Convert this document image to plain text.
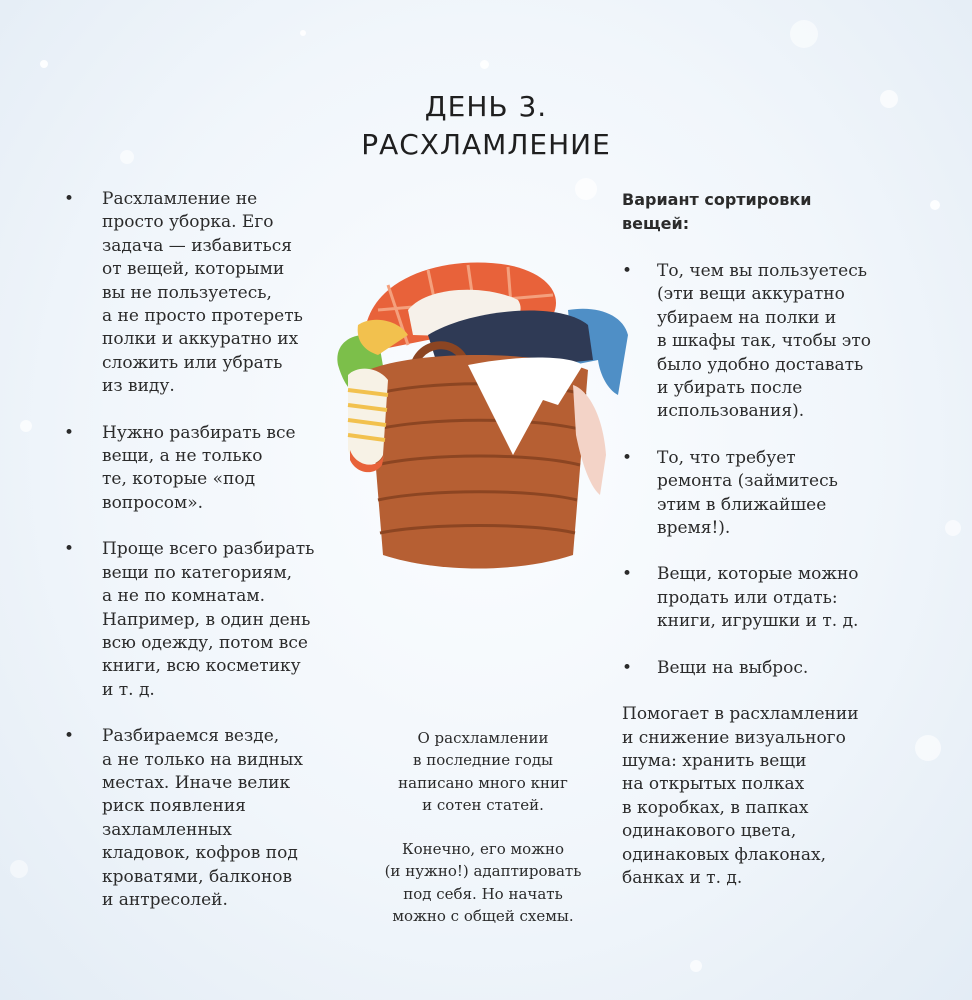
ДЕНЬ 3.
РАСХЛАМЛЕНИЕ
• Расхламление не
просто уборка. Его
задача — избавиться
от вещей, которыми
вы не пользуетесь,
а не просто протереть
полки и аккуратно их
сложить или убрать
из виду.
• Нужно разбирать все
вещи, а не только
те, которые «под
вопросом».
• Проще всего разбирать
вещи по категориям,
а не по комнатам.
Например, в один день
всю одежду, потом все
книги, всю косметику
и т. д.
• Разбираемся везде,
а не только на видных
местах. Иначе велик
риск появления
захламленных
кладовок, кофров под
кроватями, балконов
и антресолей.
О расхламлении
в последние годы
написано много книг
и сотен статей.
Конечно, его можно
(и нужно!) адаптировать
под себя. Но начать
можно с общей схемы.
Вариант сортировки
вещей:
• То, чем вы пользуетесь
(эти вещи аккуратно
убираем на полки и
в шкафы так, чтобы это
было удобно доставать
и убирать после
использования).
• То, что требует
ремонта (займитесь
этим в ближайшее
время!).
• Вещи, которые можно
продать или отдать:
книги, игрушки и т. д.
• Вещи на выброс.
Помогает в расхламлении
и снижение визуального
шума: хранить вещи
на открытых полках
в коробках, в папках
одинакового цвета,
одинаковых флаконах,
банках и т. д.
